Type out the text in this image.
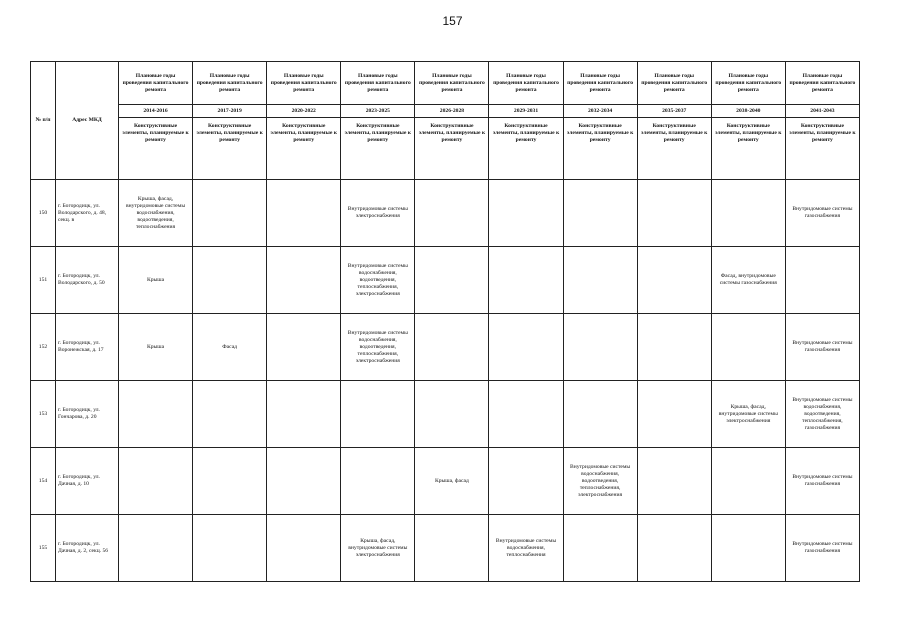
157
№ п/п	Адрес МКД	Плановые годы проведения капитального ремонта	Плановые годы проведения капитального ремонта	Плановые годы проведения капитального ремонта	Плановые годы проведения капитального ремонта	Плановые годы проведения капитального ремонта	Плановые годы проведения капитального ремонта	Плановые годы проведения капитального ремонта	Плановые годы проведения капитального ремонта	Плановые годы проведения капитального ремонта	Плановые годы проведения капитального ремонта
		2014-2016	2017-2019	2020-2022	2023-2025	2026-2028	2029-2031	2032-2034	2035-2037	2038-2040	2041-2043
		Конструктивные элементы, планируемые к ремонту	Конструктивные элементы, планируемые к ремонту	Конструктивные элементы, планируемые к ремонту	Конструктивные элементы, планируемые к ремонту	Конструктивные элементы, планируемые к ремонту	Конструктивные элементы, планируемые к ремонту	Конструктивные элементы, планируемые к ремонту	Конструктивные элементы, планируемые к ремонту	Конструктивные элементы, планируемые к ремонту	Конструктивные элементы, планируемые к ремонту
150	г. Богородицк, ул. Володарского, д. 48, секц. в	Крыша, фасад, внутридомовые системы водоснабжения, водоотведения, теплоснабжения			Внутридомовые системы электроснабжения						Внутридомовые системы газоснабжения
151	г. Богородицк, ул. Володарского, д. 50	Крыша			Внутридомовые системы водоснабжения, водоотведения, теплоснабжения, электроснабжения					Фасад, внутридомовые системы газоснабжения	
152	г. Богородицк, ул. Воронежская, д. 17	Крыша	Фасад		Внутридомовые системы водоснабжения, водоотведения, теплоснабжения, электроснабжения						Внутридомовые системы газоснабжения
153	г. Богородицк, ул. Гончарова, д. 20									Крыша, фасад, внутридомовые системы электроснабжения	Внутридомовые системы водоснабжения, водоотведения, теплоснабжения, газоснабжения
154	г. Богородицк, ул. Дачная, д. 10					Крыша, фасад		Внутридомовые системы водоснабжения, водоотведения, теплоснабжения, электроснабжения			Внутридомовые системы газоснабжения
155	г. Богородицк, ул. Дачная, д. 2, секц. 56				Крыша, фасад, внутридомовые системы электроснабжения		Внутридомовые системы водоснабжения, теплоснабжения				Внутридомовые системы газоснабжения
